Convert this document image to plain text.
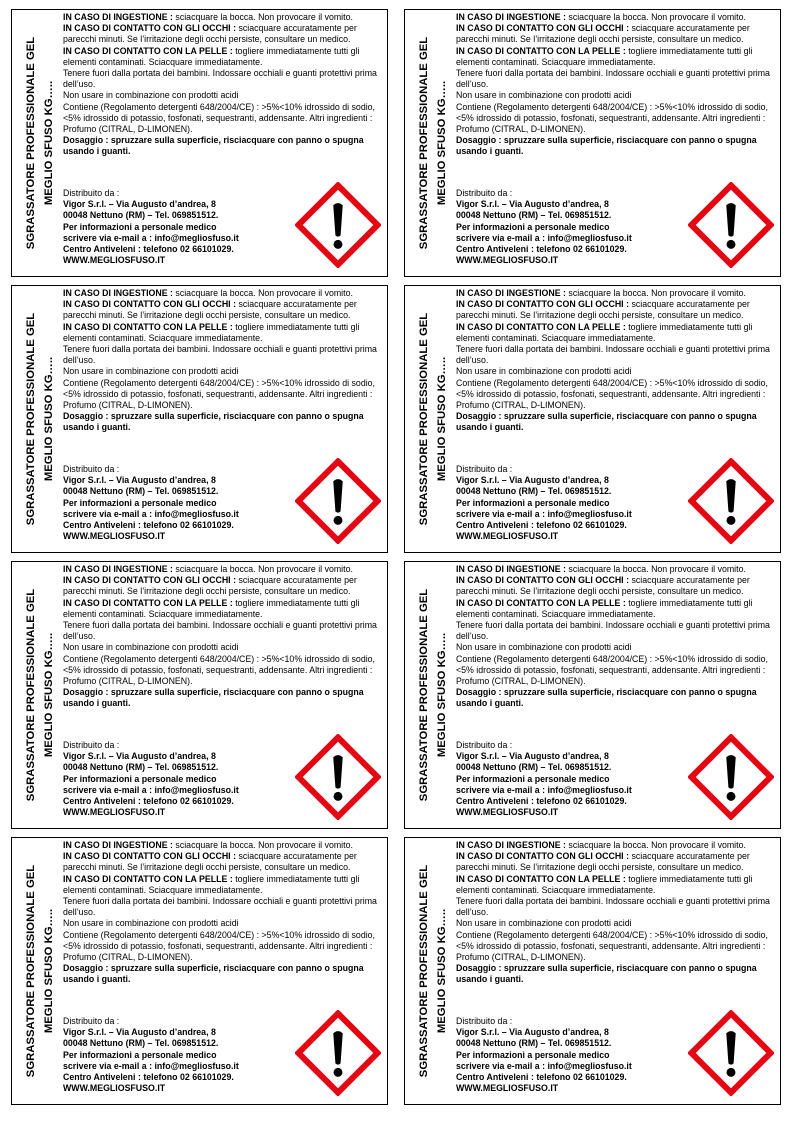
SGRASSATORE PROFESSIONALE GEL MEGLIO SFUSO KG…..

IN CASO DI INGESTIONE : sciacquare la bocca. Non provocare il vomito.

IN CASO DI CONTATTO CON GLI OCCHI : sciacquare accuratamente per parecchi minuti. Se l’irritazione degli occhi persiste, consultare un medico.

IN CASO DI CONTATTO CON LA PELLE : togliere immediatamente tutti gli elementi contaminati. Sciacquare immediatamente.

Tenere fuori dalla portata dei bambini. Indossare occhiali e guanti protettivi prima dell’uso.

Non usare in combinazione con prodotti acidi

Contiene (Regolamento detergenti 648/2004/CE) : >5%<10% idrossido di sodio, <5% idrossido di potassio, fosfonati, sequestranti, addensante. Altri ingredienti : Profumo (CITRAL, D-LIMONEN).

Dosaggio : spruzzare sulla superficie, risciacquare con panno o spugna usando i guanti.

Distribuito da :

Vigor S.r.l. – Via Augusto d’andrea, 8

00048 Nettuno (RM) – Tel. 069851512.

Per informazioni a personale medico

scrivere via e-mail a : info@megliosfuso.it

Centro Antiveleni : telefono 02 66101029.

WWW.MEGLIOSFUSO.IT

SGRASSATORE PROFESSIONALE GEL MEGLIO SFUSO KG…..

IN CASO DI INGESTIONE : sciacquare la bocca. Non provocare il vomito.

IN CASO DI CONTATTO CON GLI OCCHI : sciacquare accuratamente per parecchi minuti. Se l’irritazione degli occhi persiste, consultare un medico.

IN CASO DI CONTATTO CON LA PELLE : togliere immediatamente tutti gli elementi contaminati. Sciacquare immediatamente.

Tenere fuori dalla portata dei bambini. Indossare occhiali e guanti protettivi prima dell’uso.

Non usare in combinazione con prodotti acidi

Contiene (Regolamento detergenti 648/2004/CE) : >5%<10% idrossido di sodio, <5% idrossido di potassio, fosfonati, sequestranti, addensante. Altri ingredienti : Profumo (CITRAL, D-LIMONEN).

Dosaggio : spruzzare sulla superficie, risciacquare con panno o spugna usando i guanti.

Distribuito da :

Vigor S.r.l. – Via Augusto d’andrea, 8

00048 Nettuno (RM) – Tel. 069851512.

Per informazioni a personale medico

scrivere via e-mail a : info@megliosfuso.it

Centro Antiveleni : telefono 02 66101029.

WWW.MEGLIOSFUSO.IT

SGRASSATORE PROFESSIONALE GEL MEGLIO SFUSO KG…..

IN CASO DI INGESTIONE : sciacquare la bocca. Non provocare il vomito.

IN CASO DI CONTATTO CON GLI OCCHI : sciacquare accuratamente per parecchi minuti. Se l’irritazione degli occhi persiste, consultare un medico.

IN CASO DI CONTATTO CON LA PELLE : togliere immediatamente tutti gli elementi contaminati. Sciacquare immediatamente.

Tenere fuori dalla portata dei bambini. Indossare occhiali e guanti protettivi prima dell’uso.

Non usare in combinazione con prodotti acidi

Contiene (Regolamento detergenti 648/2004/CE) : >5%<10% idrossido di sodio, <5% idrossido di potassio, fosfonati, sequestranti, addensante. Altri ingredienti : Profumo (CITRAL, D-LIMONEN).

Dosaggio : spruzzare sulla superficie, risciacquare con panno o spugna usando i guanti.

Distribuito da :

Vigor S.r.l. – Via Augusto d’andrea, 8

00048 Nettuno (RM) – Tel. 069851512.

Per informazioni a personale medico

scrivere via e-mail a : info@megliosfuso.it

Centro Antiveleni : telefono 02 66101029.

WWW.MEGLIOSFUSO.IT

SGRASSATORE PROFESSIONALE GEL MEGLIO SFUSO KG…..

IN CASO DI INGESTIONE : sciacquare la bocca. Non provocare il vomito.

IN CASO DI CONTATTO CON GLI OCCHI : sciacquare accuratamente per parecchi minuti. Se l’irritazione degli occhi persiste, consultare un medico.

IN CASO DI CONTATTO CON LA PELLE : togliere immediatamente tutti gli elementi contaminati. Sciacquare immediatamente.

Tenere fuori dalla portata dei bambini. Indossare occhiali e guanti protettivi prima dell’uso.

Non usare in combinazione con prodotti acidi

Contiene (Regolamento detergenti 648/2004/CE) : >5%<10% idrossido di sodio, <5% idrossido di potassio, fosfonati, sequestranti, addensante. Altri ingredienti : Profumo (CITRAL, D-LIMONEN).

Dosaggio : spruzzare sulla superficie, risciacquare con panno o spugna usando i guanti.

Distribuito da :

Vigor S.r.l. – Via Augusto d’andrea, 8

00048 Nettuno (RM) – Tel. 069851512.

Per informazioni a personale medico

scrivere via e-mail a : info@megliosfuso.it

Centro Antiveleni : telefono 02 66101029.

WWW.MEGLIOSFUSO.IT

SGRASSATORE PROFESSIONALE GEL MEGLIO SFUSO KG…..

IN CASO DI INGESTIONE : sciacquare la bocca. Non provocare il vomito.

IN CASO DI CONTATTO CON GLI OCCHI : sciacquare accuratamente per parecchi minuti. Se l’irritazione degli occhi persiste, consultare un medico.

IN CASO DI CONTATTO CON LA PELLE : togliere immediatamente tutti gli elementi contaminati. Sciacquare immediatamente.

Tenere fuori dalla portata dei bambini. Indossare occhiali e guanti protettivi prima dell’uso.

Non usare in combinazione con prodotti acidi

Contiene (Regolamento detergenti 648/2004/CE) : >5%<10% idrossido di sodio, <5% idrossido di potassio, fosfonati, sequestranti, addensante. Altri ingredienti : Profumo (CITRAL, D-LIMONEN).

Dosaggio : spruzzare sulla superficie, risciacquare con panno o spugna usando i guanti.

Distribuito da :

Vigor S.r.l. – Via Augusto d’andrea, 8

00048 Nettuno (RM) – Tel. 069851512.

Per informazioni a personale medico

scrivere via e-mail a : info@megliosfuso.it

Centro Antiveleni : telefono 02 66101029.

WWW.MEGLIOSFUSO.IT

SGRASSATORE PROFESSIONALE GEL MEGLIO SFUSO KG…..

IN CASO DI INGESTIONE : sciacquare la bocca. Non provocare il vomito.

IN CASO DI CONTATTO CON GLI OCCHI : sciacquare accuratamente per parecchi minuti. Se l’irritazione degli occhi persiste, consultare un medico.

IN CASO DI CONTATTO CON LA PELLE : togliere immediatamente tutti gli elementi contaminati. Sciacquare immediatamente.

Tenere fuori dalla portata dei bambini. Indossare occhiali e guanti protettivi prima dell’uso.

Non usare in combinazione con prodotti acidi

Contiene (Regolamento detergenti 648/2004/CE) : >5%<10% idrossido di sodio, <5% idrossido di potassio, fosfonati, sequestranti, addensante. Altri ingredienti : Profumo (CITRAL, D-LIMONEN).

Dosaggio : spruzzare sulla superficie, risciacquare con panno o spugna usando i guanti.

Distribuito da :

Vigor S.r.l. – Via Augusto d’andrea, 8

00048 Nettuno (RM) – Tel. 069851512.

Per informazioni a personale medico

scrivere via e-mail a : info@megliosfuso.it

Centro Antiveleni : telefono 02 66101029.

WWW.MEGLIOSFUSO.IT

SGRASSATORE PROFESSIONALE GEL MEGLIO SFUSO KG…..

IN CASO DI INGESTIONE : sciacquare la bocca. Non provocare il vomito.

IN CASO DI CONTATTO CON GLI OCCHI : sciacquare accuratamente per parecchi minuti. Se l’irritazione degli occhi persiste, consultare un medico.

IN CASO DI CONTATTO CON LA PELLE : togliere immediatamente tutti gli elementi contaminati. Sciacquare immediatamente.

Tenere fuori dalla portata dei bambini. Indossare occhiali e guanti protettivi prima dell’uso.

Non usare in combinazione con prodotti acidi

Contiene (Regolamento detergenti 648/2004/CE) : >5%<10% idrossido di sodio, <5% idrossido di potassio, fosfonati, sequestranti, addensante. Altri ingredienti : Profumo (CITRAL, D-LIMONEN).

Dosaggio : spruzzare sulla superficie, risciacquare con panno o spugna usando i guanti.

Distribuito da :

Vigor S.r.l. – Via Augusto d’andrea, 8

00048 Nettuno (RM) – Tel. 069851512.

Per informazioni a personale medico

scrivere via e-mail a : info@megliosfuso.it

Centro Antiveleni : telefono 02 66101029.

WWW.MEGLIOSFUSO.IT

SGRASSATORE PROFESSIONALE GEL MEGLIO SFUSO KG…..

IN CASO DI INGESTIONE : sciacquare la bocca. Non provocare il vomito.

IN CASO DI CONTATTO CON GLI OCCHI : sciacquare accuratamente per parecchi minuti. Se l’irritazione degli occhi persiste, consultare un medico.

IN CASO DI CONTATTO CON LA PELLE : togliere immediatamente tutti gli elementi contaminati. Sciacquare immediatamente.

Tenere fuori dalla portata dei bambini. Indossare occhiali e guanti protettivi prima dell’uso.

Non usare in combinazione con prodotti acidi

Contiene (Regolamento detergenti 648/2004/CE) : >5%<10% idrossido di sodio, <5% idrossido di potassio, fosfonati, sequestranti, addensante. Altri ingredienti : Profumo (CITRAL, D-LIMONEN).

Dosaggio : spruzzare sulla superficie, risciacquare con panno o spugna usando i guanti.

Distribuito da :

Vigor S.r.l. – Via Augusto d’andrea, 8

00048 Nettuno (RM) – Tel. 069851512.

Per informazioni a personale medico

scrivere via e-mail a : info@megliosfuso.it

Centro Antiveleni : telefono 02 66101029.

WWW.MEGLIOSFUSO.IT
